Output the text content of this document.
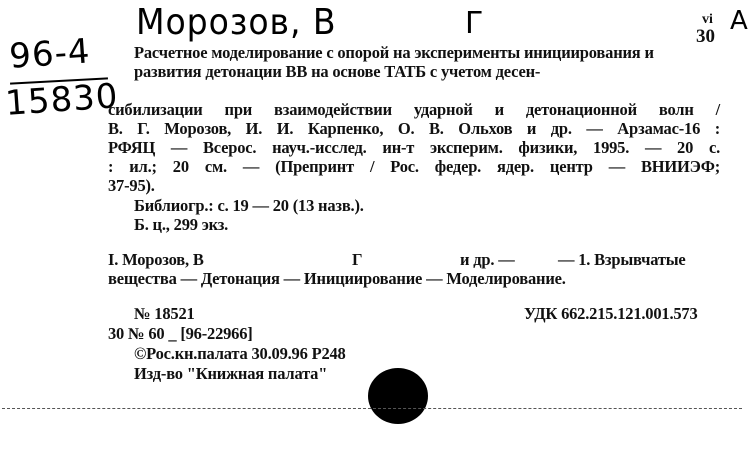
Морозов, В	Г	А
96-4
15830
vi
30
Расчетное моделирование с опорой на эксперименты инициирования и развития детонации ВВ на основе ТАТБ с учетом десен-
сибилизации при взаимодействии ударной и детонационной волн /
В. Г. Морозов, И. И. Карпенко, О. В. Ольхов и др. — Арзамас-16 :
РФЯЦ — Всерос. науч.-исслед. ин-т эксперим. физики, 1995. — 20 с.
: ил.; 20 см. — (Препринт / Рос. федер. ядер. центр — ВНИИЭФ;
37-95).
Библиогр.: с. 19 — 20 (13 назв.).
Б. ц., 299 экз.
I. Морозов, В	Г	и др. —	— 1. Взрывчатые
вещества — Детонация — Инициирование — Моделирование.
№ 18521	УДК 662.215.121.001.573
30 № 60 _ [96-22966]
©Рос.кн.палата 30.09.96 Р248
Изд-во "Книжная палата"
